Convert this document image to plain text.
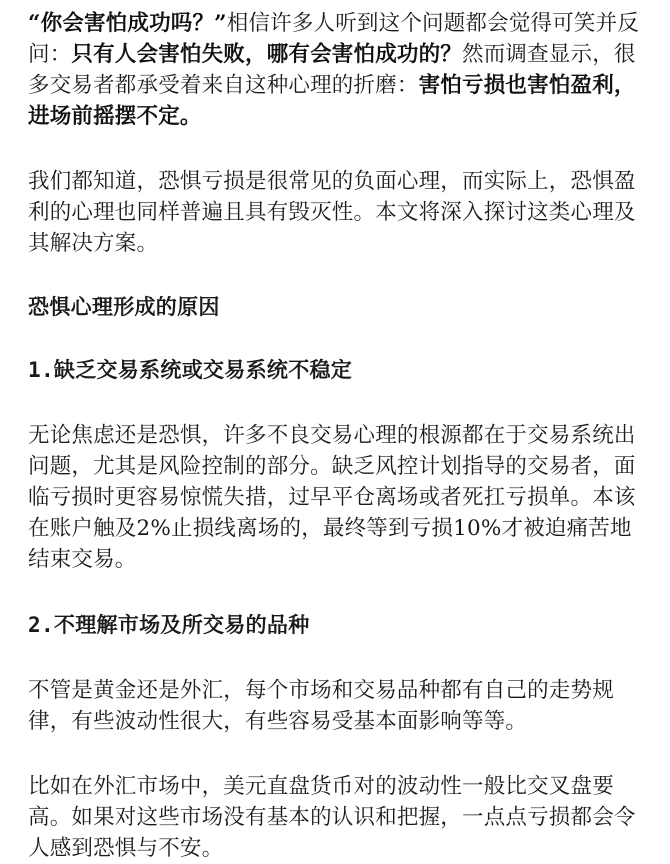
“你会害怕成功吗？”相信许多人听到这个问题都会觉得可笑并反问：只有人会害怕失败，哪有会害怕成功的？然而调查显示，很多交易者都承受着来自这种心理的折磨：害怕亏损也害怕盈利，进场前摇摆不定。

我们都知道，恐惧亏损是很常见的负面心理，而实际上，恐惧盈利的心理也同样普遍且具有毁灭性。本文将深入探讨这类心理及其解决方案。

恐惧心理形成的原因

1.缺乏交易系统或交易系统不稳定

无论焦虑还是恐惧，许多不良交易心理的根源都在于交易系统出问题，尤其是风险控制的部分。缺乏风控计划指导的交易者，面临亏损时更容易惊慌失措，过早平仓离场或者死扛亏损单。本该在账户触及2%止损线离场的，最终等到亏损10%才被迫痛苦地结束交易。

2.不理解市场及所交易的品种

不管是黄金还是外汇，每个市场和交易品种都有自己的走势规律，有些波动性很大，有些容易受基本面影响等等。

比如在外汇市场中，美元直盘货币对的波动性一般比交叉盘要高。如果对这些市场没有基本的认识和把握，一点点亏损都会令人感到恐惧与不安。
